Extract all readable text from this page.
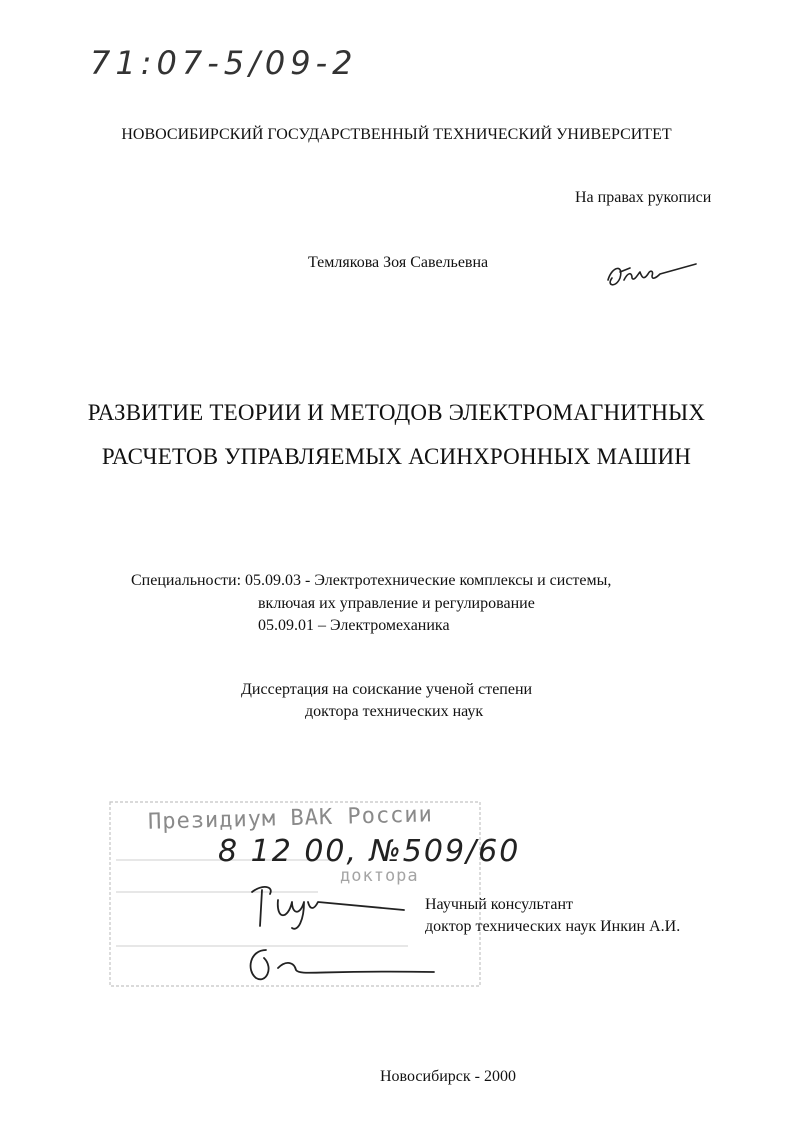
71:07-5/09-2

НОВОСИБИРСКИЙ ГОСУДАРСТВЕННЫЙ ТЕХНИЧЕСКИЙ УНИВЕРСИТЕТ

На правах рукописи

Темлякова Зоя Савельевна

РАЗВИТИЕ ТЕОРИИ И МЕТОДОВ ЭЛЕКТРОМАГНИТНЫХ

РАСЧЕТОВ УПРАВЛЯЕМЫХ АСИНХРОННЫХ МАШИН

Специальности: 05.09.03 - Электротехнические комплексы и системы,

включая их управление и регулирование

05.09.01 – Электромеханика

Диссертация на соискание ученой степени

доктора технических наук

Президиум ВАК России

8 12 00, №509/60

доктора

Научный консультант

доктор технических наук Инкин А.И.

Новосибирск - 2000
